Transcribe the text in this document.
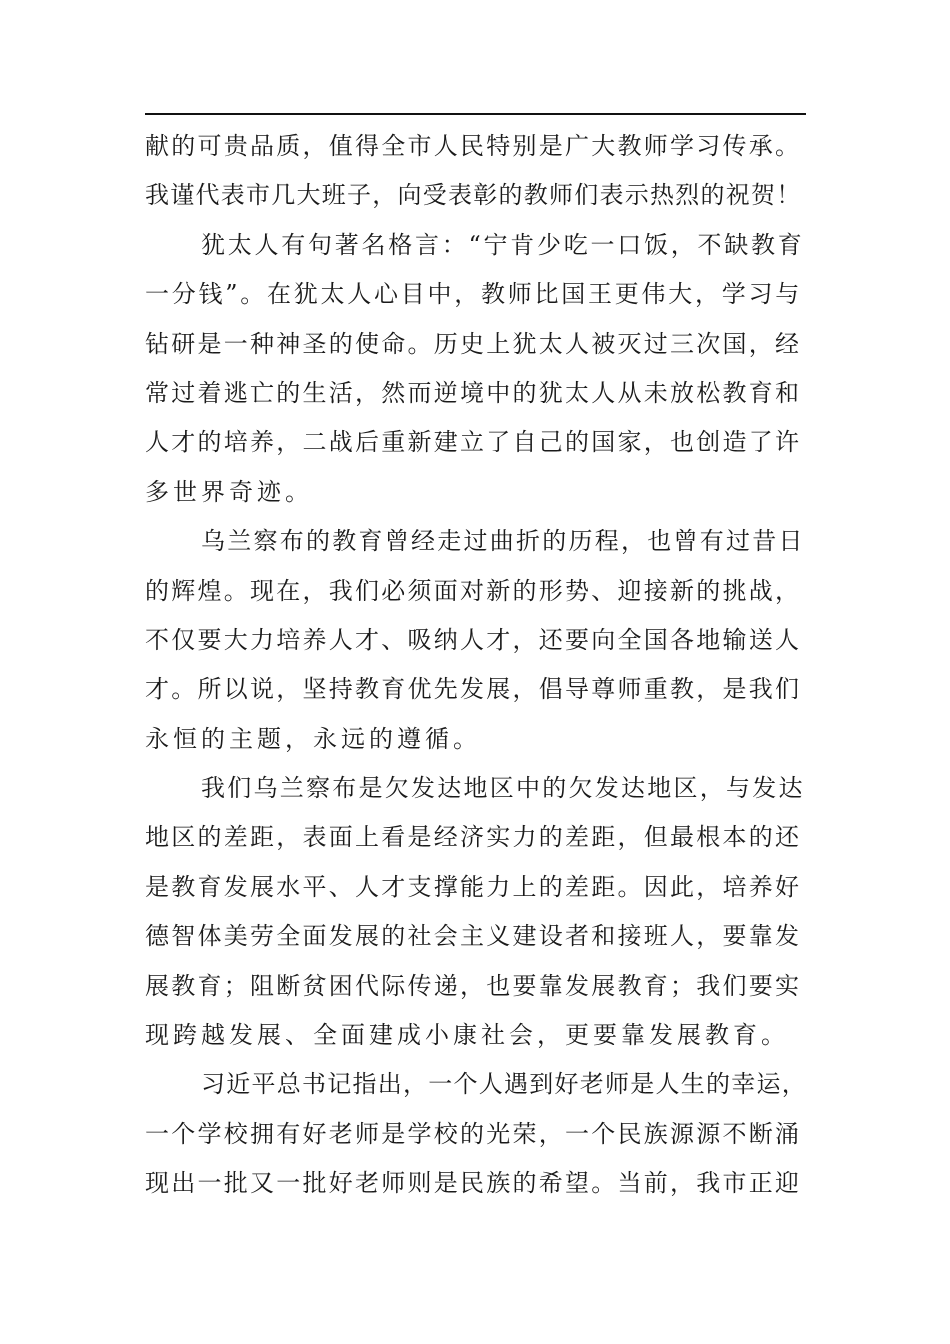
献的可贵品质，值得全市人民特别是广大教师学习传承。
我谨代表市几大班子，向受表彰的教师们表示热烈的祝贺！
犹太人有句著名格言：“宁肯少吃一口饭，不缺教育
一分钱”。在犹太人心目中，教师比国王更伟大，学习与
钻研是一种神圣的使命。历史上犹太人被灭过三次国，经
常过着逃亡的生活，然而逆境中的犹太人从未放松教育和
人才的培养，二战后重新建立了自己的国家，也创造了许
多世界奇迹。
乌兰察布的教育曾经走过曲折的历程，也曾有过昔日
的辉煌。现在，我们必须面对新的形势、迎接新的挑战，
不仅要大力培养人才、吸纳人才，还要向全国各地输送人
才。所以说，坚持教育优先发展，倡导尊师重教，是我们
永恒的主题，永远的遵循。
我们乌兰察布是欠发达地区中的欠发达地区，与发达
地区的差距，表面上看是经济实力的差距，但最根本的还
是教育发展水平、人才支撑能力上的差距。因此，培养好
德智体美劳全面发展的社会主义建设者和接班人，要靠发
展教育；阻断贫困代际传递，也要靠发展教育；我们要实
现跨越发展、全面建成小康社会，更要靠发展教育。
习近平总书记指出，一个人遇到好老师是人生的幸运，
一个学校拥有好老师是学校的光荣，一个民族源源不断涌
现出一批又一批好老师则是民族的希望。当前，我市正迎
